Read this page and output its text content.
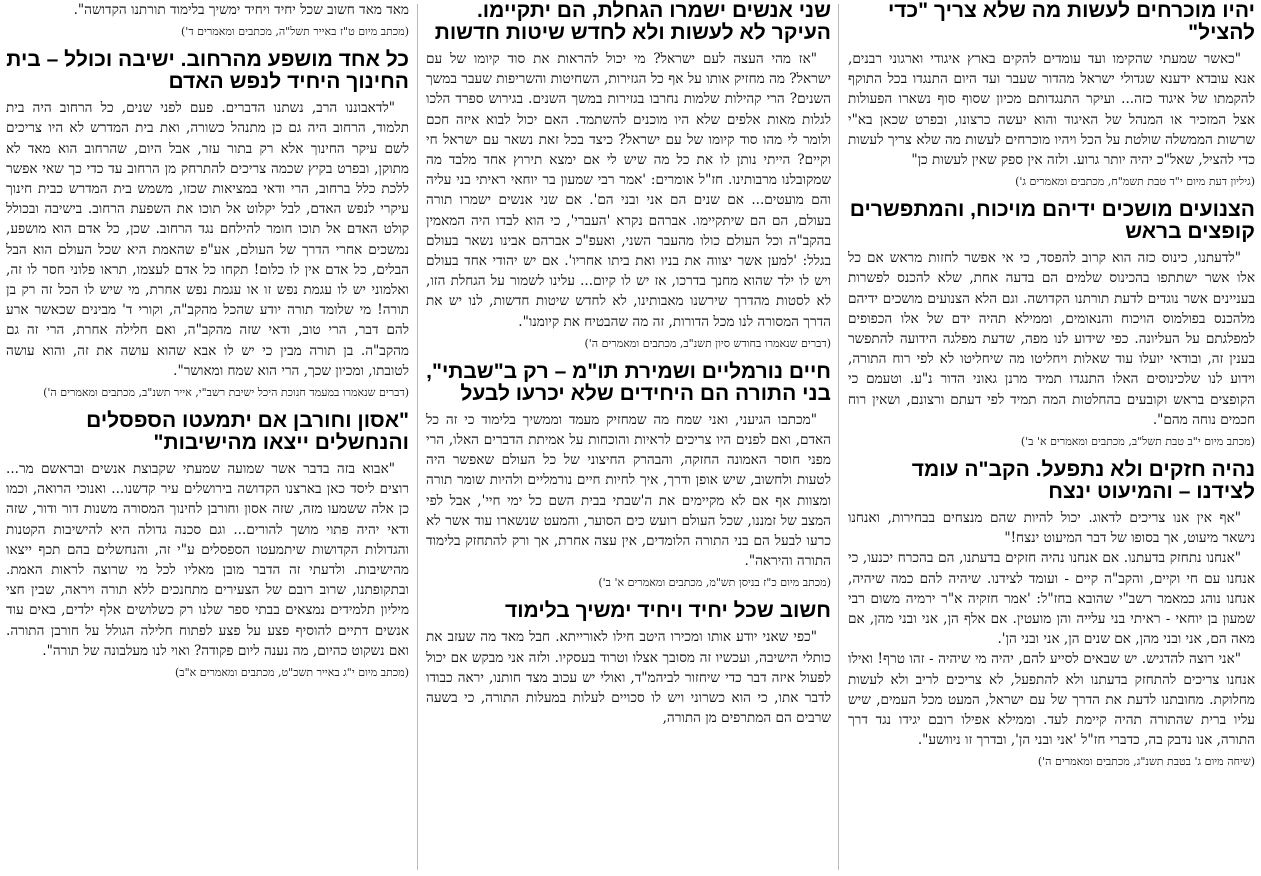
יהיו מוכרחים לעשות מה שלא צריך "כדי להציל"

"כאשר שמעתי שהקימו ועד עומדים להקים בארץ איגודי וארגוני רבנים, אנא עובדא ידענא שגדולי ישראל מהדור שעבר ועד היום התנגדו בכל התוקף להקמתו של איגוד כזה... ועיקר התנגדותם מכיון שסוף סוף נשארו הפעולות אצל המזכיר או המנהל של האיגוד והוא יעשה כרצונו, ובפרט שכאן בא"י שרשות הממשלה שולטת על הכל ויהיו מוכרחים לעשות מה שלא צריך לעשות כדי להציל, שאל"כ יהיה יותר גרוע. ולזה אין ספק שאין לעשות כן"

(גיליון דעת מיום י"ד טבת תשמ"ח, מכתבים ומאמרים ג')

הצנועים מושכים ידיהם מויכוח, והמתפשרים קופצים בראש

"לדעתנו, כינוס כזה הוא קרוב להפסד, כי אי אפשר לחזות מראש אם כל אלו אשר ישתתפו בהכינוס שלמים הם בדעה אחת, שלא להכנס לפשרות בעניינים אשר נוגדים לדעת תורתנו הקדושה. וגם הלא הצנועים מושכים ידיהם מלהכנס בפולמוס הויכוח והנאומים, וממילא תהיה ידם של אלו הכפופים למפלגתם על העליונה. כפי שידוע לנו מפה, שדעת מפלגה הידועה להתפשר בענין זה, ובודאי יועלו עוד שאלות ויחליטו מה שיחליטו לא לפי רוח התורה, וידוע לנו שלכינוסים האלו התנגדו תמיד מרנן גאוני הדור נ"ע. וטעמם כי הקופצים בראש וקובעים בהחלטות המה תמיד לפי דעתם ורצונם, ושאין רוח חכמים נוחה מהם".

(מכתב מיום י"ב טבת תשל"ב, מכתבים ומאמרים א' ב')

נהיה חזקים ולא נתפעל. הקב"ה עומד לצידנו – והמיעוט ינצח

"אף אין אנו צריכים לדאוג. יכול להיות שהם מנצחים בבחירות, ואנחנו נישאר מיעוט, אך בסופו של דבר המיעוט ינצח!"

"אנחנו נתחזק בדעתנו. אם אנחנו נהיה חזקים בדעתנו, הם בהכרח יכנעו, כי אנחנו עם חי וקיים, והקב"ה קיים - ועומד לצידנו. שיהיה להם כמה שיהיה, אנחנו נוהג כמאמר רשב"י שהובא בחז"ל: 'אמר חזקיה א"ר ירמיה משום רבי שמעון בן יוחאי - ראיתי בני עלייה והן מועטין. אם אלף הן, אני ובני מהן, אם מאה הם, אני ובני מהן, אם שנים הן, אני ובני הן'.

"אני רוצה להדגיש. יש שבאים לסייע להם, יהיה מי שיהיה - זהו טרף! ואילו אנחנו צריכים להתחזק בדעתנו ולא להתפעל, לא צריכים לריב ולא לעשות מחלוקת. מחובתנו לדעת את הדרך של עם ישראל, המעט מכל העמים, שיש עליו ברית שהתורה תהיה קיימת לעד. וממילא אפילו רובם יגידו נגד דרך התורה, אנו נדבק בה, כדברי חז"ל 'אני ובני הן', ובדרך זו ניוושע".

(שיחה מיום ג' בטבת תשנ"ג, מכתבים ומאמרים ה')

שני אנשים ישמרו הגחלת, הם יתקיימו. העיקר לא לעשות ולא לחדש שיטות חדשות

"אז מהי העצה לעם ישראל? מי יכול להראות את סוד קיומו של עם ישראל? מה מחזיק אותו על אף כל הגזירות, השחיטות והשריפות שעבר במשך השנים? הרי קהילות שלמות נחרבו בגזירות במשך השנים. בגירוש ספרד הלכו לגלות מאות אלפים שלא היו מוכנים להשתמד. האם יכול לבוא איזה חכם ולומר לי מהו סוד קיומו של עם ישראל? כיצד בכל זאת נשאר עם ישראל חי וקיים? הייתי נותן לו את כל מה שיש לי אם ימצא תירוץ אחד מלבד מה שמקובלנו מרבותינו. חז"ל אומרים: 'אמר רבי שמעון בר יוחאי ראיתי בני עליה והם מועטים... אם שנים הם אני ובני הם'. אם שני אנשים ישמרו תורה בעולם, הם הם שיתקיימו. אברהם נקרא 'העברי', כי הוא לבדו היה המאמין בהקב"ה וכל העולם כולו מהעבר השני, ואעפ"כ אברהם אבינו נשאר בעולם בגלל: 'למען אשר יצווה את בניו ואת ביתו אחריו'. אם יש יהודי אחד בעולם ויש לו ילד שהוא מחנך בדרכו, אז יש לו קיום... עלינו לשמור על הגחלת הזו, לא לסטות מהדרך שירשנו מאבותינו, לא לחדש שיטות חדשות, לנו יש את הדרך המסורה לנו מכל הדורות, זה מה שהבטיח את קיומנו".

(דברים שנאמרו בחודש סיון תשנ"ב, מכתבים ומאמרים ה')

חיים נורמליים ושמירת תו"מ – רק ב"שבתי", בני התורה הם היחידים שלא יכרעו לבעל

"מכתבו הגיעני, ואני שמח מה שמחזיק מעמד וממשיך בלימוד כי זה כל האדם, ואם לפנים היו צריכים לראיות והוכחות על אמיתת הדברים האלו, הרי מפני חוסר האמונה החזקה, והבהרק החיצוני של כל העולם שאפשר היה לטעות ולחשוב, שיש אופן ודרך, איך לחיות חיים נורמליים ולהיות שומר תורה ומצוות אף אם לא מקיימים את ה'שבתי בבית השם כל ימי חיי', אבל לפי המצב של זמננו, שכל העולם רועש כים הסוער, והמעט שנשארו עוד אשר לא כרעו לבעל הם בני התורה הלומדים, אין עצה אחרת, אך ורק להתחזק בלימוד התורה והיראה".

(מכתב מיום כ"ז בניסן תש"מ, מכתבים ומאמרים א' ב')

חשוב שכל יחיד ויחיד ימשיך בלימוד

"כפי שאני יודע אותו ומכירו היטב חילו לאורייתא. חבל מאד מה שעזב את כותלי הישיבה, ועכשיו זה מסובך אצלו וטרוד בעסקיו. ולזה אני מבקש אם יכול לפעול איזה דבר כדי שיחזור לביהמ"ד, ואולי יש עכוב מצד חותנו, יראה כבודו לדבר אתו, כי הוא כשרוני ויש לו סכויים לעלות במעלות התורה, כי בשעה שרבים הם המתרפים מן התורה,

מאד מאד חשוב שכל יחיד ויחיד ימשיך בלימוד תורתנו הקדושה".

(מכתב מיום ט"ז באייר תשל"ה, מכתבים ומאמרים ד')

כל אחד מושפע מהרחוב. ישיבה וכולל – בית החינוך היחיד לנפש האדם

"לדאבוננו הרב, נשתנו הדברים. פעם לפני שנים, כל הרחוב היה בית תלמוד, הרחוב היה גם כן מתנהל כשורה, ואת בית המדרש לא היו צריכים לשם עיקר החינוך אלא רק בתור עזר, אבל היום, שהרחוב הוא מאד לא מתוקן, ובפרט בקיץ שכמה צריכים להתרחק מן הרחוב עד כדי כך שאי אפשר ללכת כלל ברחוב, הרי ודאי במציאות שכזו, משמש בית המדרש כבית חינוך עיקרי לנפש האדם, לבל יקלוט אל תוכו את השפעת הרחוב. בישיבה ובכולל קולט האדם אל תוכו חומר להילחם נגד הרחוב. שכן, כל אדם הוא מושפע, נמשכים אחרי הדרך של העולם, אע"פ שהאמת היא שכל העולם הוא הבל הבלים, כל אדם אין לו כלום! תקחו כל אדם לעצמו, תראו פלוני חסר לו זה, ואלמוני יש לו עגמת נפש זו או עגמת נפש אחרת, מי שיש לו הכל זה רק בן תורה! מי שלומד תורה יודע שהכל מהקב"ה, וקורי ד' מבינים שכאשר ארע להם דבר, הרי טוב, ודאי שזה מהקב"ה, ואם חלילה אחרת, הרי זה גם מהקב"ה. בן תורה מבין כי יש לו אבא שהוא עושה את זה, והוא עושה לטובתו, ומכיון שכך, הרי הוא שמח ומאושר".

(דברים שנאמרו במעמד חנוכת היכל ישיבת רשב"י, אייר תשנ"ב, מכתבים ומאמרים ה')

"אסון וחורבן אם יתמעטו הספסלים והנחשלים ייצאו מהישיבות"

"אבוא בזה בדבר אשר שמועה שמעתי שקבוצת אנשים ובראשם מר... רוצים ליסד כאן בארצנו הקדושה בירושלים עיר קדשנו... ואנוכי הרואה, וכמו כן אלה ששמעו מזה, שזה אסון וחורבן לחינוך המסורה משנות דור ודור, שזה ודאי יהיה פתוי מושך להורים... וגם סכנה גדולה היא להישיבות הקטנות והגדולות הקדושות שיתמעטו הספסלים ע"י זה, והנחשלים בהם תכף ייצאו מהישיבות. ולדעתי זה הדבר מובן מאליו לכל מי שרוצה לראות האמת. ובתקופתנו, שרוב רובם של הצעירים מתחנכים ללא תורה ויראה, שבין חצי מיליון תלמידים נמצאים בבתי ספר שלנו רק כשלושים אלף ילדים, באים עוד אנשים דתיים להוסיף פצע על פצע לפתוח חלילה הגולל על חורבן התורה. ואם נשקוט כהיום, מה נענה ליום פקודה? ואוי לנו מעלבונה של תורה".

(מכתב מיום י"ג באייר תשכ"ט, מכתבים ומאמרים א"ב)
